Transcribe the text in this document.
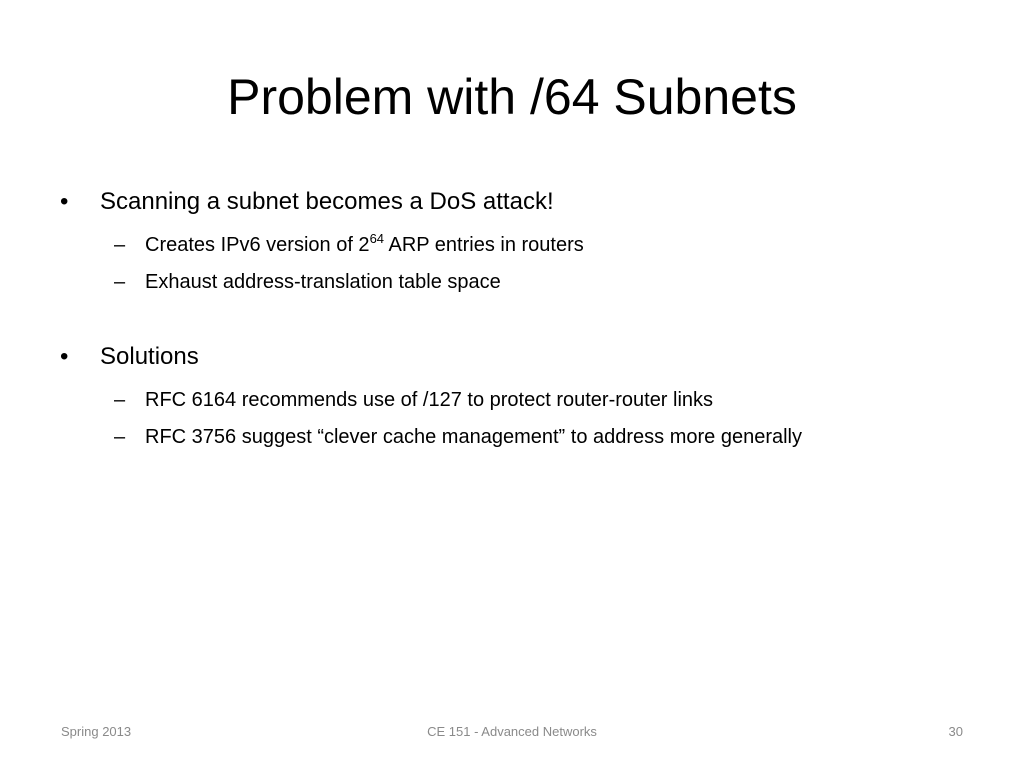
Problem with /64 Subnets
•	Scanning a subnet becomes a DoS attack!
– Creates IPv6 version of $2^{64}$ ARP entries in routers
– Exhaust address-translation table space
•	Solutions
– RFC 6164 recommends use of /127 to protect router-router links
– RFC 3756 suggest “clever cache management” to address more generally
Spring 2013	CE 151 - Advanced Networks	30
